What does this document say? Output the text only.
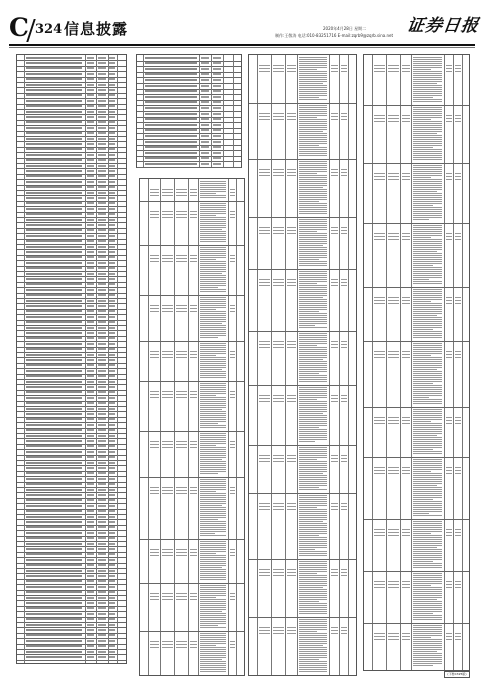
C 324 信息披露	2020年4月28日 星期二
制作:王敬涛 电话:010-83251716 E-mail:zqrb9@zqrb.sina.net 证券日报
(下转C325版)
